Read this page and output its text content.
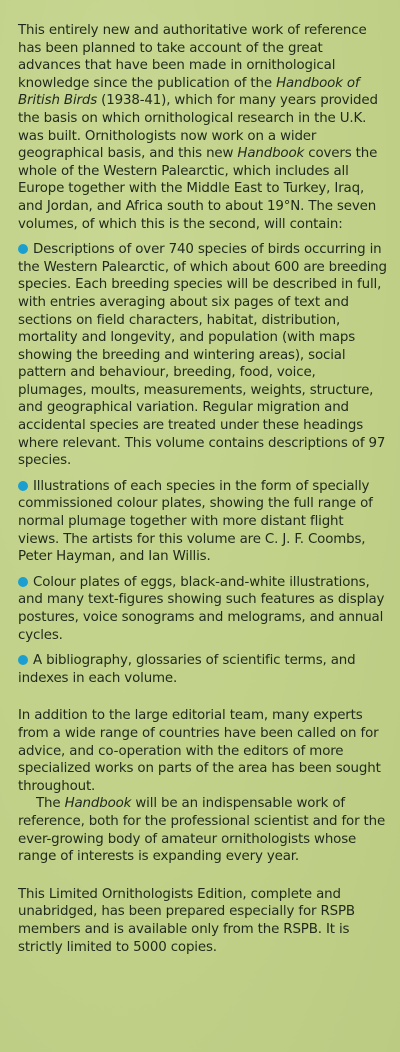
This entirely new and authoritative work of reference has been planned to take account of the great advances that have been made in ornithological knowledge since the publication of the Handbook of British Birds (1938-41), which for many years provided the basis on which ornithological research in the U.K. was built. Ornithologists now work on a wider geographical basis, and this new Handbook covers the whole of the Western Palearctic, which includes all Europe together with the Middle East to Turkey, Iraq, and Jordan, and Africa south to about 19°N. The seven volumes, of which this is the second, will contain:

Descriptions of over 740 species of birds occurring in the Western Palearctic, of which about 600 are breeding species. Each breeding species will be described in full, with entries averaging about six pages of text and sections on field characters, habitat, distribution, mortality and longevity, and population (with maps showing the breeding and wintering areas), social pattern and behaviour, breeding, food, voice, plumages, moults, measurements, weights, structure, and geographical variation. Regular migration and accidental species are treated under these headings where relevant. This volume contains descriptions of 97 species.

Illustrations of each species in the form of specially commissioned colour plates, showing the full range of normal plumage together with more distant flight views. The artists for this volume are C. J. F. Coombs, Peter Hayman, and Ian Willis.

Colour plates of eggs, black-and-white illustrations, and many text-figures showing such features as display postures, voice sonograms and melograms, and annual cycles.

A bibliography, glossaries of scientific terms, and indexes in each volume.

In addition to the large editorial team, many experts from a wide range of countries have been called on for advice, and co-operation with the editors of more specialized works on parts of the area has been sought throughout.

The Handbook will be an indispensable work of reference, both for the professional scientist and for the ever-growing body of amateur ornithologists whose range of interests is expanding every year.

This Limited Ornithologists Edition, complete and unabridged, has been prepared especially for RSPB members and is available only from the RSPB. It is strictly limited to 5000 copies.
